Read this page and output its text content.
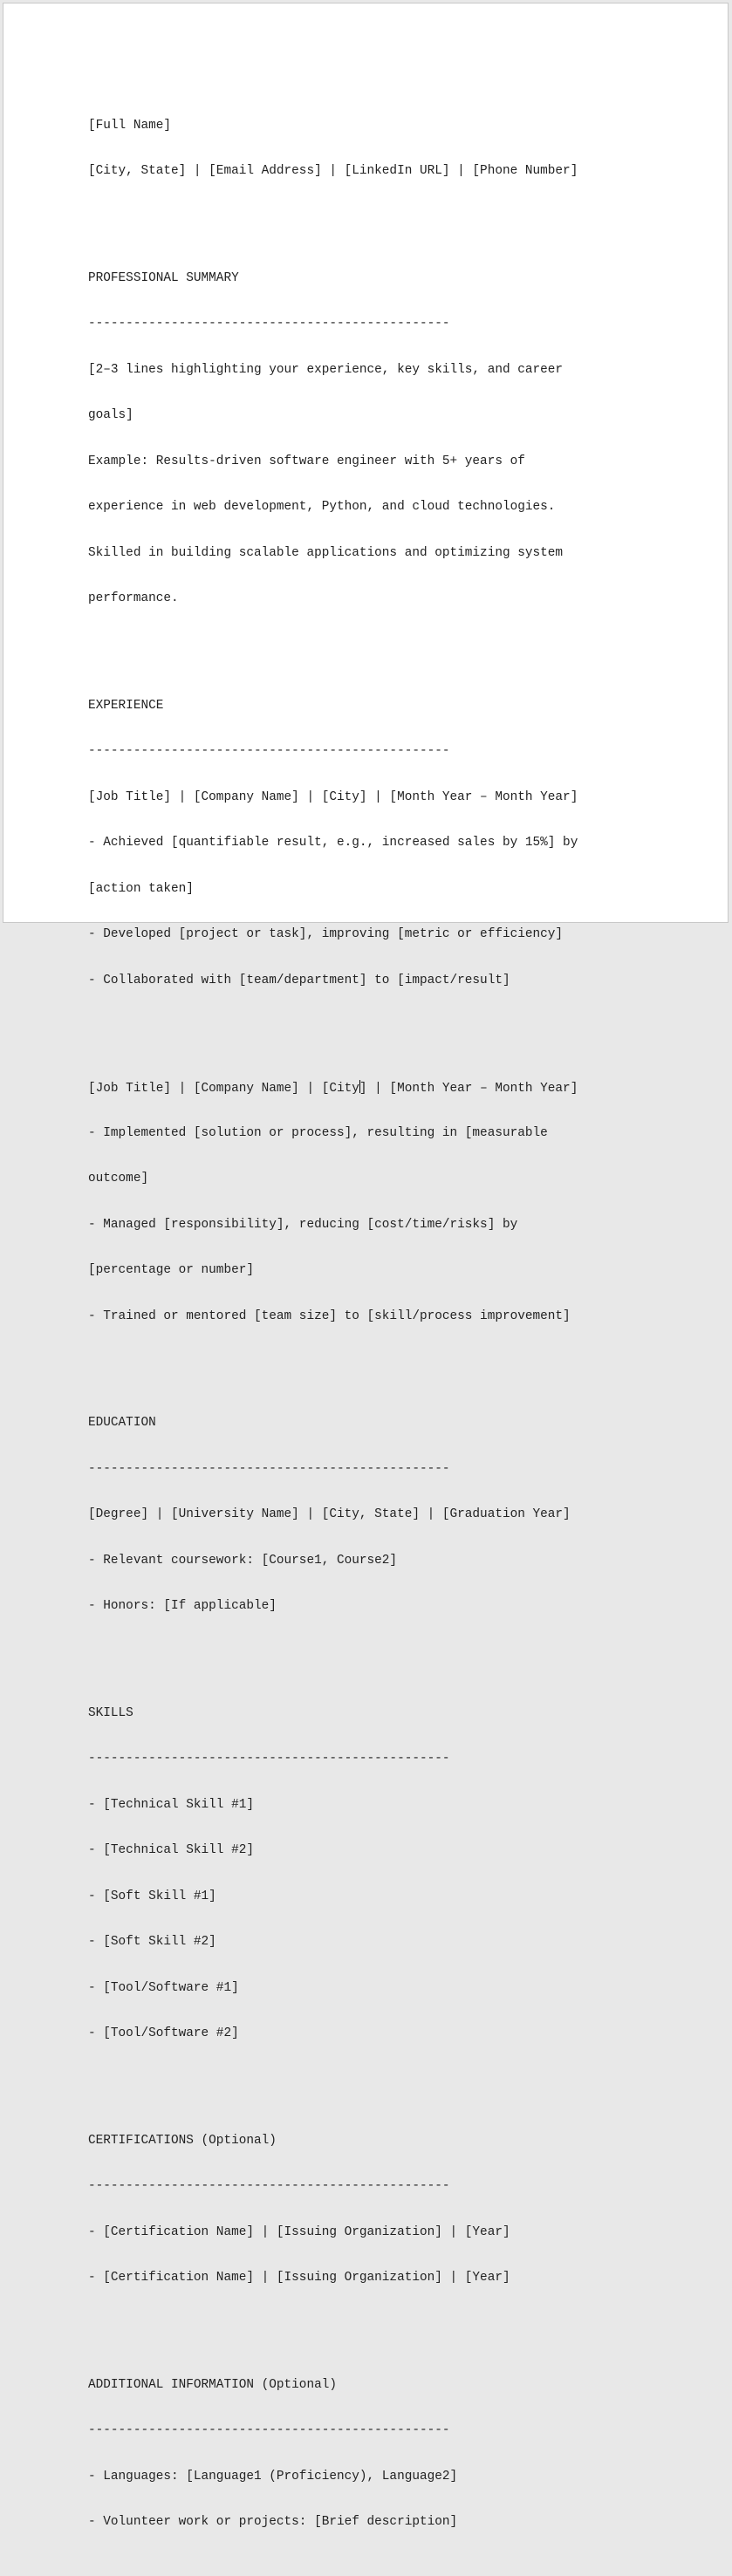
[Full Name]

[City, State] | [Email Address] | [LinkedIn URL] | [Phone Number]

PROFESSIONAL SUMMARY

------------------------------------------------

[2–3 lines highlighting your experience, key skills, and career

goals]

Example: Results-driven software engineer with 5+ years of

experience in web development, Python, and cloud technologies.

Skilled in building scalable applications and optimizing system

performance.

EXPERIENCE

------------------------------------------------

[Job Title] | [Company Name] | [City] | [Month Year – Month Year]

- Achieved [quantifiable result, e.g., increased sales by 15%] by

[action taken]

- Developed [project or task], improving [metric or efficiency]

- Collaborated with [team/department] to [impact/result]

[Job Title] | [Company Name] | [City] | [Month Year – Month Year]

- Implemented [solution or process], resulting in [measurable

outcome]

- Managed [responsibility], reducing [cost/time/risks] by

[percentage or number]

- Trained or mentored [team size] to [skill/process improvement]

EDUCATION

------------------------------------------------

[Degree] | [University Name] | [City, State] | [Graduation Year]

- Relevant coursework: [Course1, Course2]

- Honors: [If applicable]

SKILLS

------------------------------------------------

- [Technical Skill #1]

- [Technical Skill #2]

- [Soft Skill #1]

- [Soft Skill #2]

- [Tool/Software #1]

- [Tool/Software #2]

CERTIFICATIONS (Optional)

------------------------------------------------

- [Certification Name] | [Issuing Organization] | [Year]

- [Certification Name] | [Issuing Organization] | [Year]

ADDITIONAL INFORMATION (Optional)

------------------------------------------------

- Languages: [Language1 (Proficiency), Language2]

- Volunteer work or projects: [Brief description]
